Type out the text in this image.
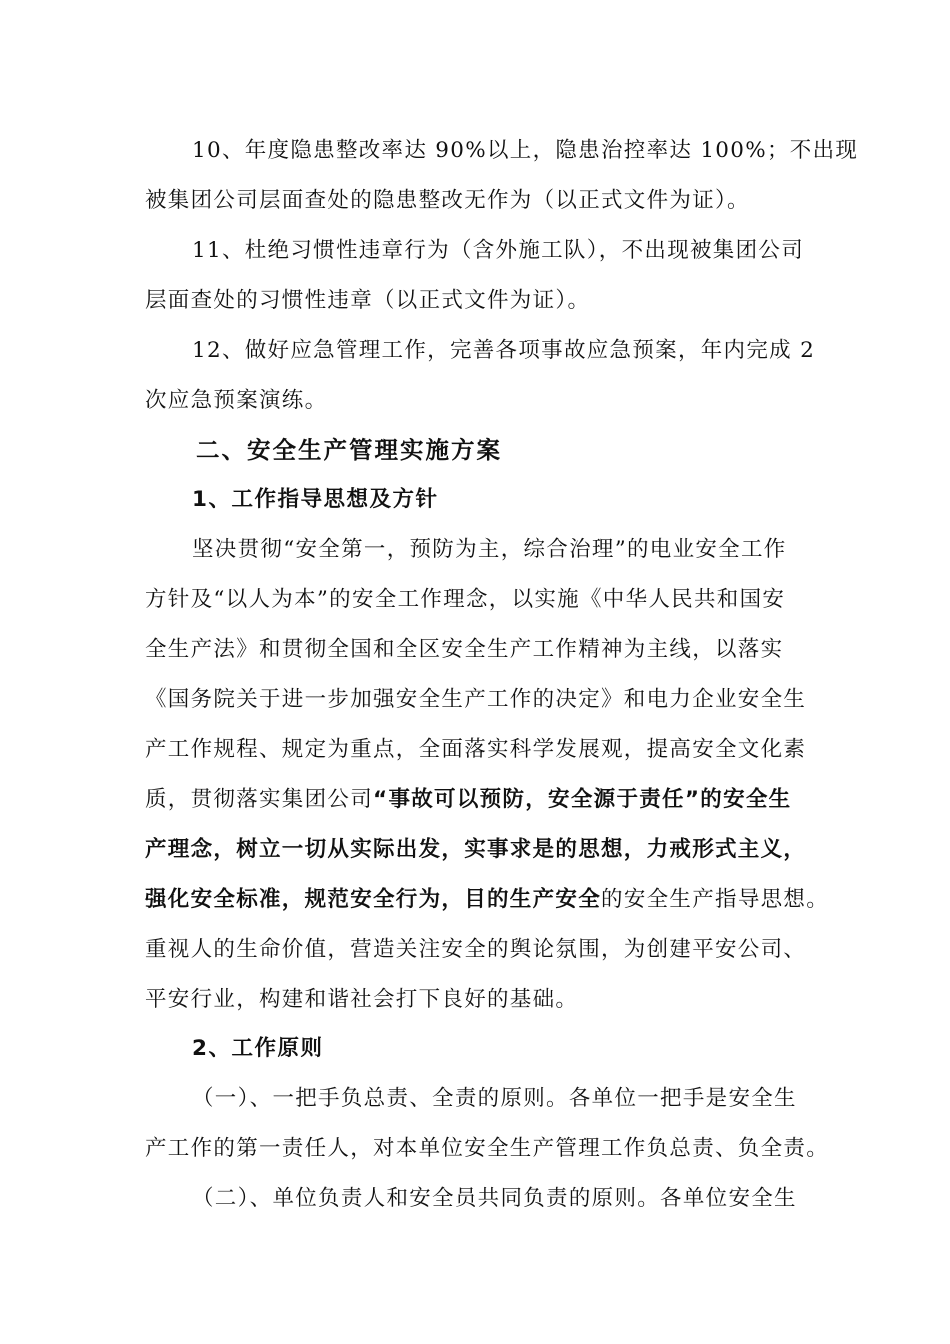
10、年度隐患整改率达 90%以上，隐患治控率达 100%；不出现
被集团公司层面查处的隐患整改无作为（以正式文件为证）。
11、杜绝习惯性违章行为（含外施工队），不出现被集团公司
层面查处的习惯性违章（以正式文件为证）。
12、做好应急管理工作，完善各项事故应急预案，年内完成 2
次应急预案演练。
二、安全生产管理实施方案
1、工作指导思想及方针
坚决贯彻“安全第一，预防为主，综合治理”的电业安全工作
方针及“以人为本”的安全工作理念，以实施《中华人民共和国安
全生产法》和贯彻全国和全区安全生产工作精神为主线，以落实
《国务院关于进一步加强安全生产工作的决定》和电力企业安全生
产工作规程、规定为重点，全面落实科学发展观，提高安全文化素
质，贯彻落实集团公司“事故可以预防，安全源于责任”的安全生
产理念，树立一切从实际出发，实事求是的思想，力戒形式主义，
强化安全标准，规范安全行为，目的生产安全的安全生产指导思想。
重视人的生命价值，营造关注安全的舆论氛围，为创建平安公司、
平安行业，构建和谐社会打下良好的基础。
2、工作原则
（一）、一把手负总责、全责的原则。各单位一把手是安全生
产工作的第一责任人，对本单位安全生产管理工作负总责、负全责。
（二）、单位负责人和安全员共同负责的原则。各单位安全生
